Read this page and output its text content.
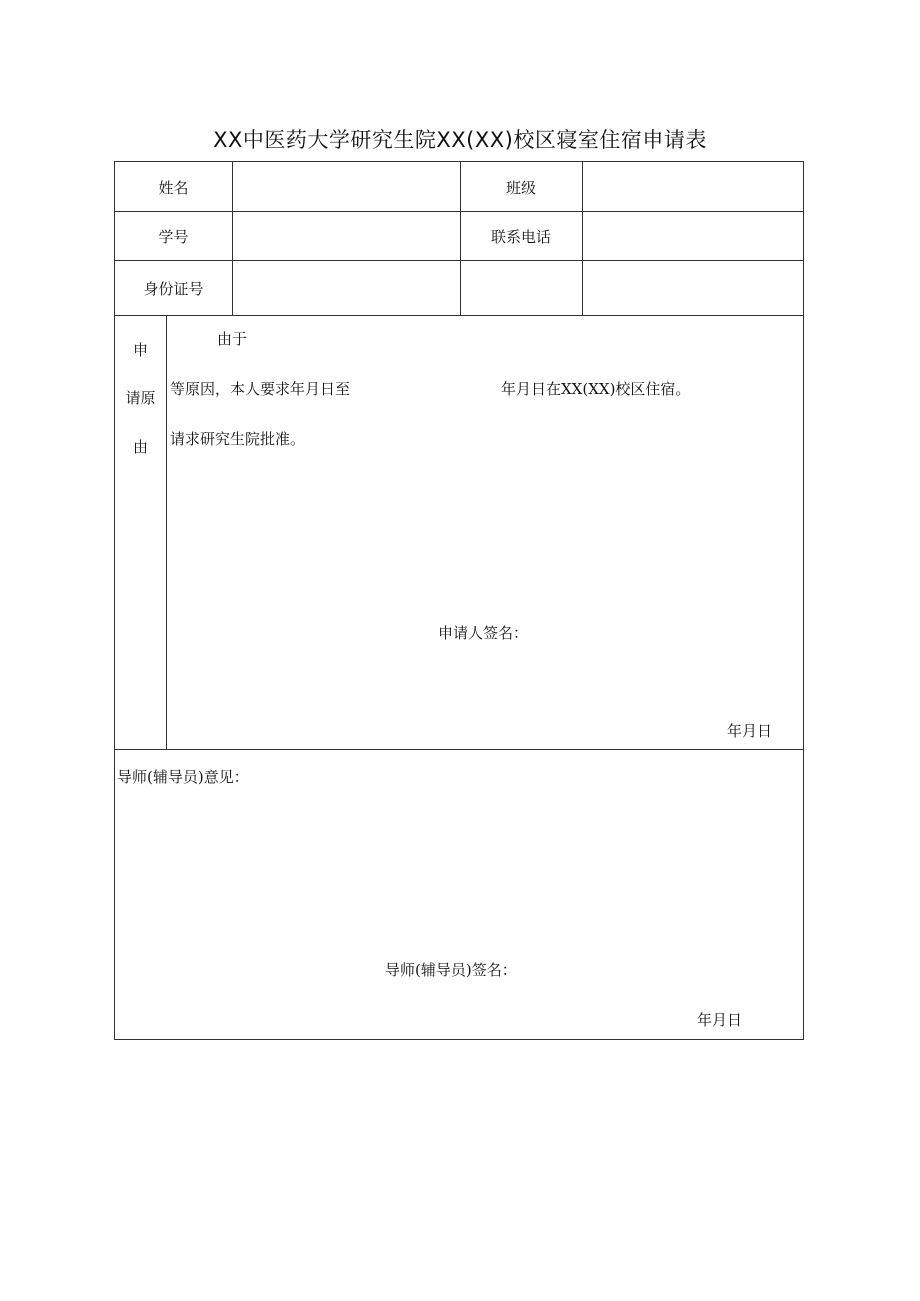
XX中医药大学研究生院XX(XX)校区寝室住宿申请表
姓名	班级
学号	联系电话
身份证号
申
请原
由
由于
等原因，本人要求年月日至	年月日在XX(XX)校区住宿。
请求研究生院批准。
申请人签名：
年月日
导师(辅导员)意见：
导师(辅导员)签名：
年月日
